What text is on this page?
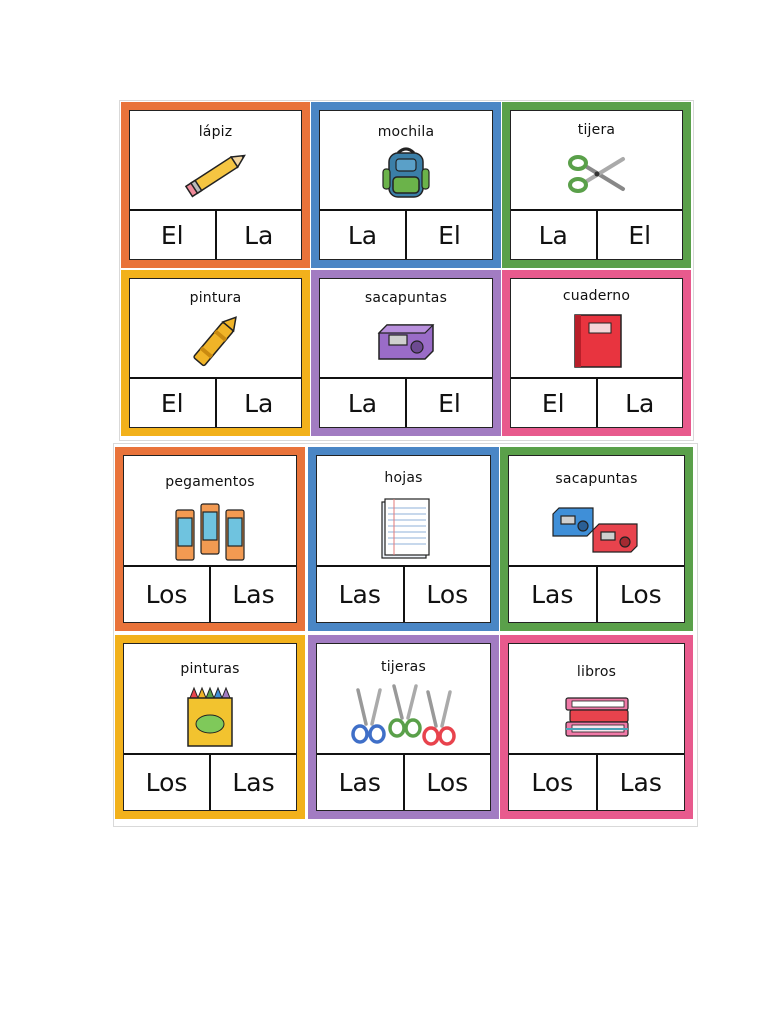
lápiz
El	La
mochila
La	El
tijera
La	El
pintura
El	La
sacapuntas
La	El
cuaderno
El	La
pegamentos
Los	Las
hojas
Las	Los
sacapuntas
Las	Los
pinturas
Los	Las
tijeras
Las	Los
libros
Los	Las
